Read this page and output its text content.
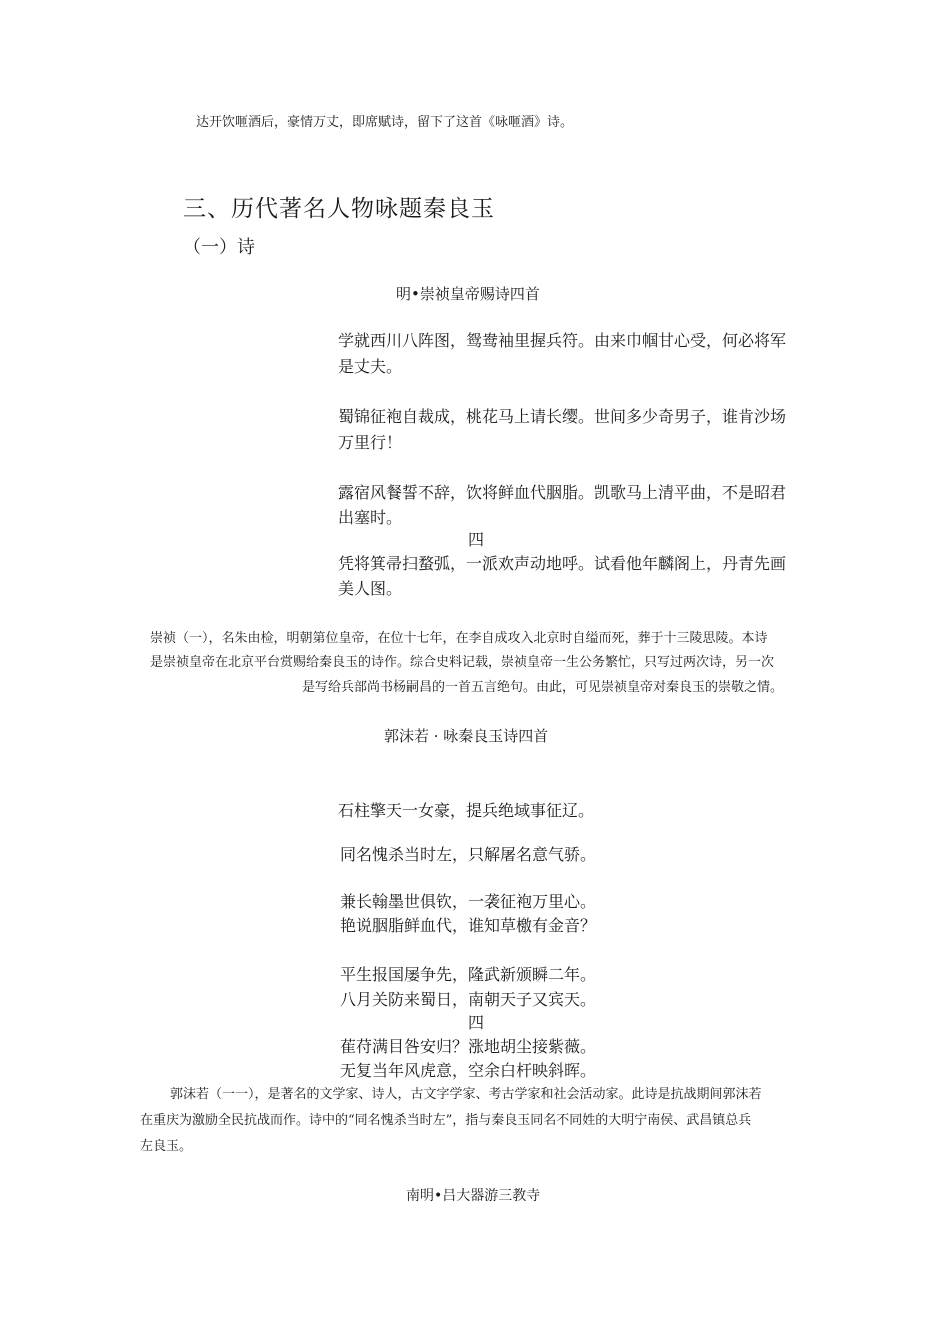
达开饮咂酒后，豪情万丈，即席赋诗，留下了这首《咏咂酒》诗。
三、历代著名人物咏题秦良玉
（一）诗
明•崇祯皇帝赐诗四首
学就西川八阵图，鸳鸯袖里握兵符。由来巾帼甘心受，何必将军
是丈夫。
蜀锦征袍自裁成，桃花马上请长缨。世间多少奇男子，谁肯沙场
万里行！
露宿风餐誓不辞，饮将鲜血代胭脂。凯歌马上清平曲，不是昭君
出塞时。
四
凭将箕帚扫蝥弧，一派欢声动地呼。试看他年麟阁上，丹青先画
美人图。
崇祯（一），名朱由检，明朝第位皇帝，在位十七年，在李自成攻入北京时自缢而死，葬于十三陵思陵。本诗
是崇祯皇帝在北京平台赏赐给秦良玉的诗作。综合史料记载，崇祯皇帝一生公务繁忙，只写过两次诗，另一次
是写给兵部尚书杨嗣昌的一首五言绝句。由此，可见崇祯皇帝对秦良玉的崇敬之情。
郭沫若 · 咏秦良玉诗四首
石柱擎天一女豪，提兵绝域事征辽。
同名愧杀当时左，只解屠名意气骄。
兼长翰墨世俱钦，一袭征袍万里心。
艳说胭脂鲜血代，谁知草檄有金音？
平生报国屡争先，隆武新颁瞬二年。
八月关防来蜀日，南朝天子又宾天。
四
萑苻满目咎安归？涨地胡尘接紫薇。
无复当年风虎意，空余白杆映斜晖。
郭沫若（一一），是著名的文学家、诗人，古文字学家、考古学家和社会活动家。此诗是抗战期间郭沫若
在重庆为激励全民抗战而作。诗中的“同名愧杀当时左”，指与秦良玉同名不同姓的大明宁南侯、武昌镇总兵
左良玉。
南明•吕大器游三教寺
